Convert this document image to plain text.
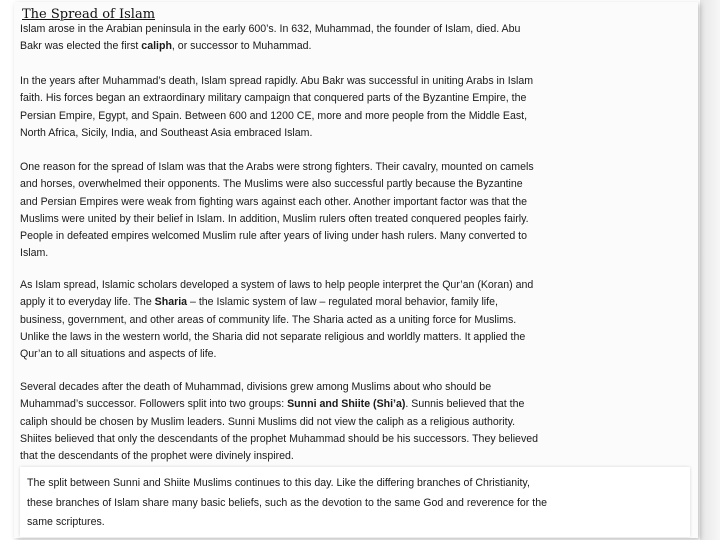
The Spread of Islam
Islam arose in the Arabian peninsula in the early 600’s. In 632, Muhammad, the founder of Islam, died. Abu
Bakr was elected the first caliph, or successor to Muhammad.
In the years after Muhammad’s death, Islam spread rapidly. Abu Bakr was successful in uniting Arabs in Islam
faith. His forces began an extraordinary military campaign that conquered parts of the Byzantine Empire, the
Persian Empire, Egypt, and Spain. Between 600 and 1200 CE, more and more people from the Middle East,
North Africa, Sicily, India, and Southeast Asia embraced Islam.
One reason for the spread of Islam was that the Arabs were strong fighters. Their cavalry, mounted on camels
and horses, overwhelmed their opponents. The Muslims were also successful partly because the Byzantine
and Persian Empires were weak from fighting wars against each other. Another important factor was that the
Muslims were united by their belief in Islam. In addition, Muslim rulers often treated conquered peoples fairly.
People in defeated empires welcomed Muslim rule after years of living under hash rulers. Many converted to
Islam.
As Islam spread, Islamic scholars developed a system of laws to help people interpret the Qur’an (Koran) and
apply it to everyday life. The Sharia – the Islamic system of law – regulated moral behavior, family life,
business, government, and other areas of community life. The Sharia acted as a uniting force for Muslims.
Unlike the laws in the western world, the Sharia did not separate religious and worldly matters. It applied the
Qur’an to all situations and aspects of life.
Several decades after the death of Muhammad, divisions grew among Muslims about who should be
Muhammad’s successor. Followers split into two groups: Sunni and Shiite (Shi’a). Sunnis believed that the
caliph should be chosen by Muslim leaders. Sunni Muslims did not view the caliph as a religious authority.
Shiites believed that only the descendants of the prophet Muhammad should be his successors. They believed
that the descendants of the prophet were divinely inspired.
The split between Sunni and Shiite Muslims continues to this day. Like the differing branches of Christianity,
these branches of Islam share many basic beliefs, such as the devotion to the same God and reverence for the
same scriptures.
